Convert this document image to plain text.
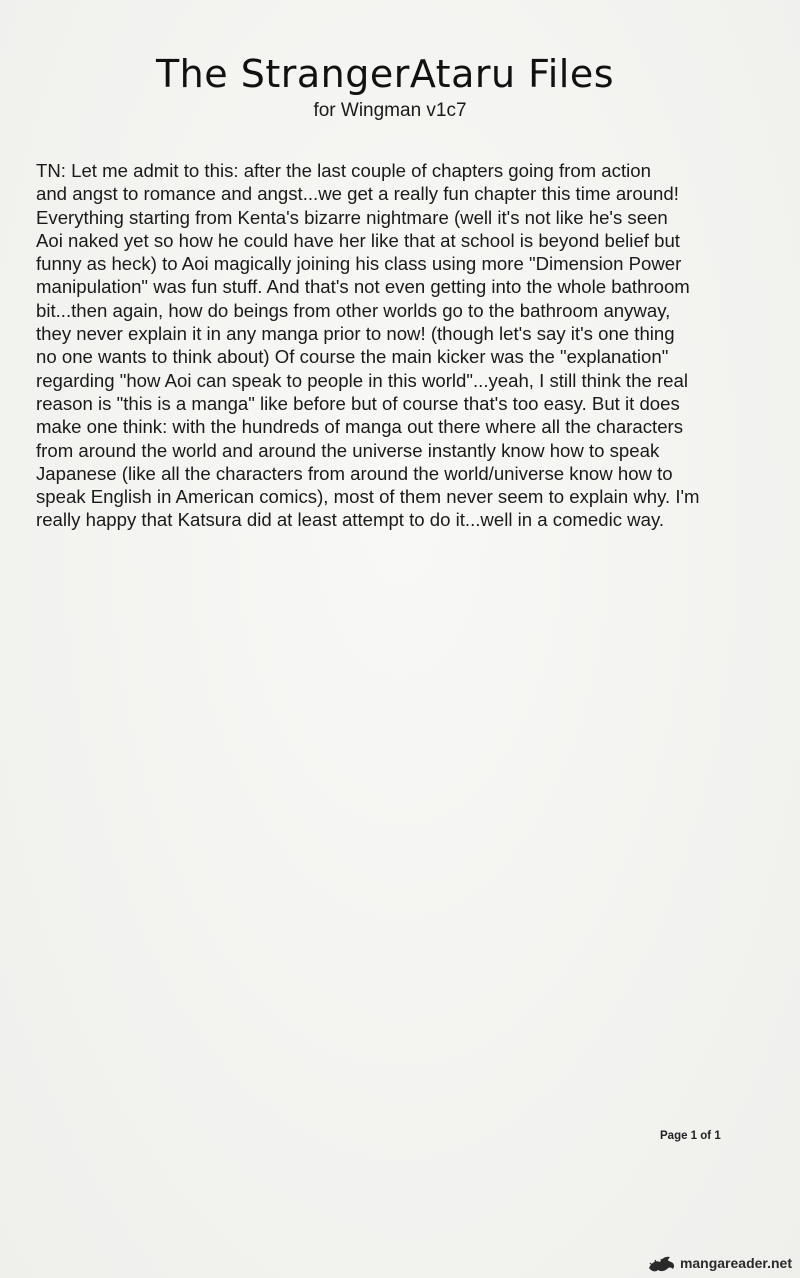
The StrangerAtaru Files

for Wingman v1c7

TN: Let me admit to this: after the last couple of chapters going from action
and angst to romance and angst...we get a really fun chapter this time around!
Everything starting from Kenta's bizarre nightmare (well it's not like he's seen
Aoi naked yet so how he could have her like that at school is beyond belief but
funny as heck) to Aoi magically joining his class using more "Dimension Power
manipulation" was fun stuff. And that's not even getting into the whole bathroom
bit...then again, how do beings from other worlds go to the bathroom anyway,
they never explain it in any manga prior to now! (though let's say it's one thing
no one wants to think about) Of course the main kicker was the "explanation"
regarding "how Aoi can speak to people in this world"...yeah, I still think the real
reason is "this is a manga" like before but of course that's too easy. But it does
make one think: with the hundreds of manga out there where all the characters
from around the world and around the universe instantly know how to speak
Japanese (like all the characters from around the world/universe know how to
speak English in American comics), most of them never seem to explain why. I'm
really happy that Katsura did at least attempt to do it...well in a comedic way.
Page 1 of 1
mangareader.net
